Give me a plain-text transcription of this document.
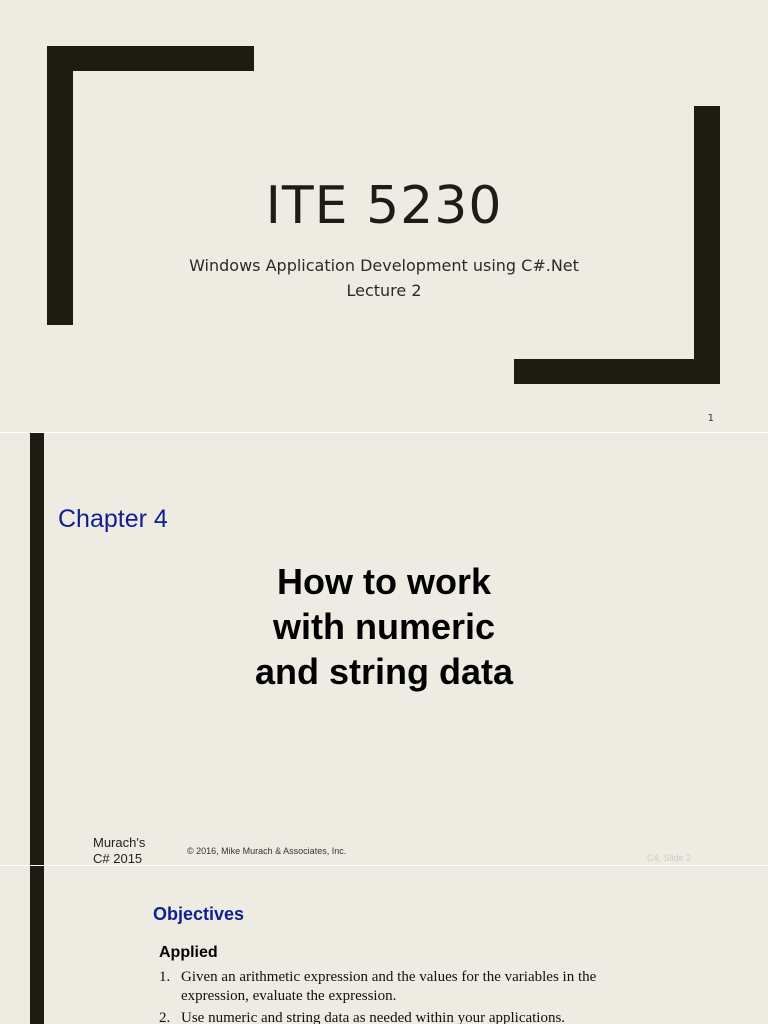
ITE 5230
Windows Application Development using C#.Net
Lecture 2
1
Chapter 4
How to work
with numeric
and string data
Murach's
C# 2015	© 2016, Mike Murach & Associates, Inc.
C4, Slide 2
Objectives
Applied
1. Given an arithmetic expression and the values for the variables in the expression, evaluate the expression.
2. Use numeric and string data as needed within your applications.
